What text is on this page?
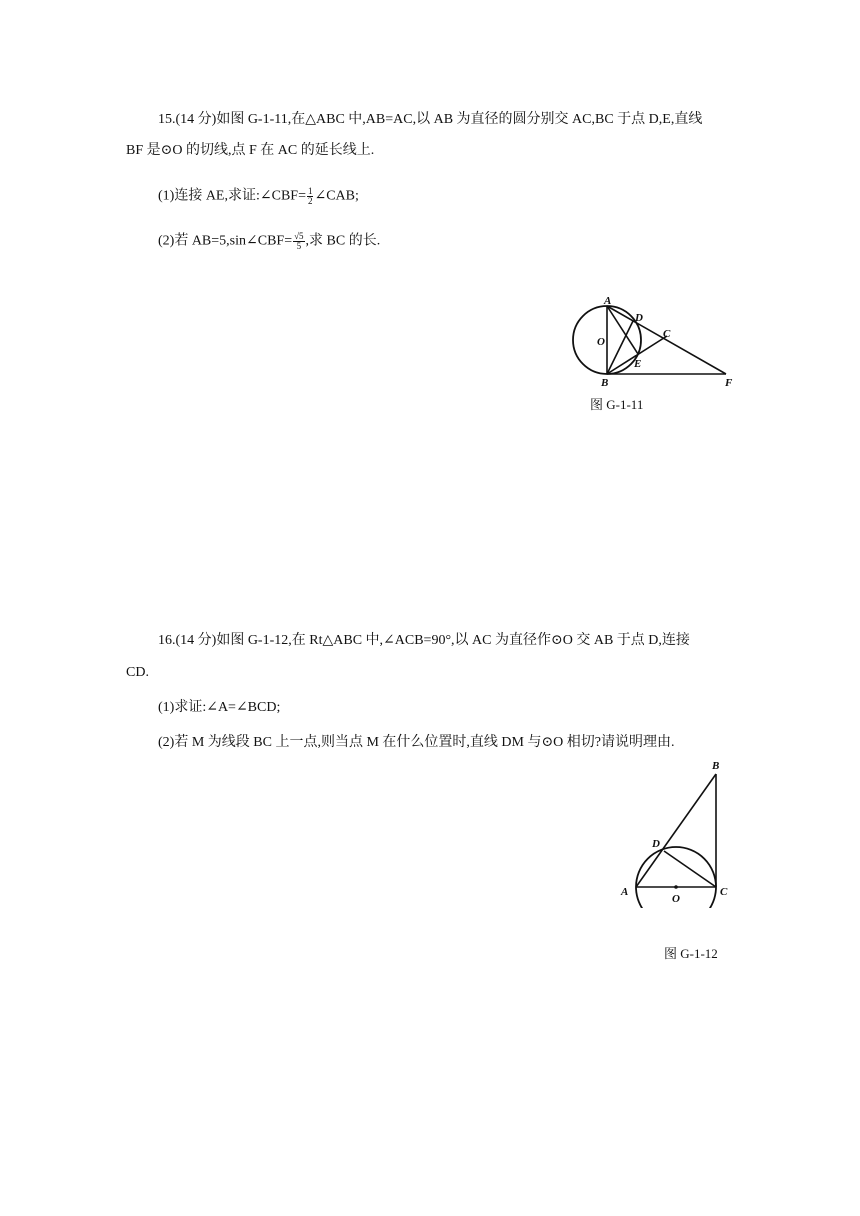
15.(14 分)如图 G-1-11,在△ABC 中,AB=AC,以 AB 为直径的圆分别交 AC,BC 于点 D,E,直线
BF 是⊙O 的切线,点 F 在 AC 的延长线上.
(1)连接 AE,求证:∠CBF= $\frac{1}{2}$ ∠CAB;
(2)若 AB=5,sin∠CBF= $\frac{√5}{5}$ ,求 BC 的长.
A
D
C
O
E
B	F
图 G-1-11
16.(14 分)如图 G-1-12,在 Rt△ABC 中,∠ACB=90°,以 AC 为直径作⊙O 交 AB 于点 D,连接
CD.
(1)求证:∠A=∠BCD;
(2)若 M 为线段 BC 上一点,则当点 M 在什么位置时,直线 DM 与⊙O 相切?请说明理由.
B
D
A
O
C
图 G-1-12
